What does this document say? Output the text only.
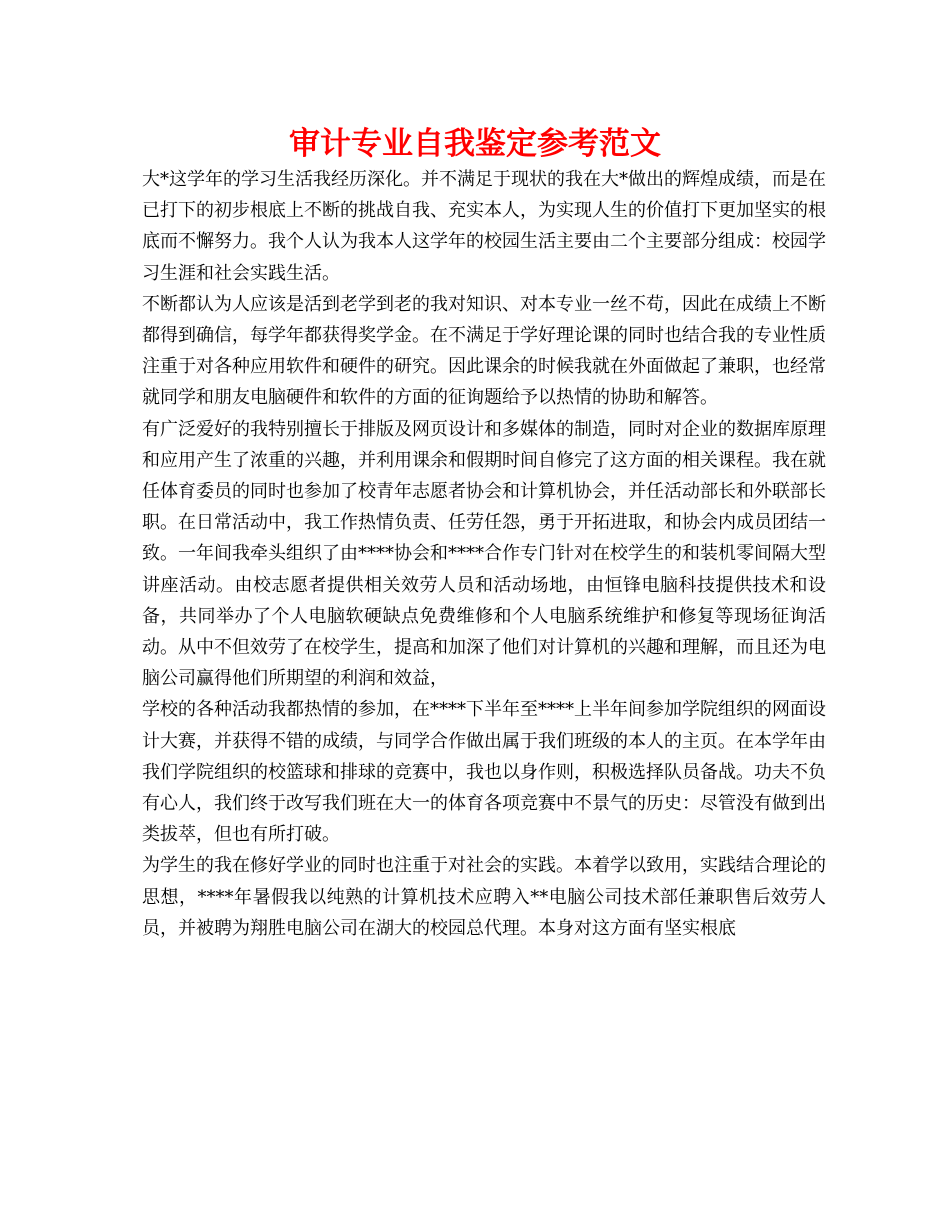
审计专业自我鉴定参考范文

大*这学年的学习生活我经历深化。并不满足于现状的我在大*做出的辉煌成绩，而是在已打下的初步根底上不断的挑战自我、充实本人，为实现人生的价值打下更加坚实的根底而不懈努力。我个人认为我本人这学年的校园生活主要由二个主要部分组成：校园学习生涯和社会实践生活。

不断都认为人应该是活到老学到老的我对知识、对本专业一丝不苟，因此在成绩上不断都得到确信，每学年都获得奖学金。在不满足于学好理论课的同时也结合我的专业性质注重于对各种应用软件和硬件的研究。因此课余的时候我就在外面做起了兼职，也经常就同学和朋友电脑硬件和软件的方面的征询题给予以热情的协助和解答。

有广泛爱好的我特别擅长于排版及网页设计和多媒体的制造，同时对企业的数据库原理和应用产生了浓重的兴趣，并利用课余和假期时间自修完了这方面的相关课程。我在就任体育委员的同时也参加了校青年志愿者协会和计算机协会，并任活动部长和外联部长职。在日常活动中，我工作热情负责、任劳任怨，勇于开拓进取，和协会内成员团结一致。一年间我牵头组织了由****协会和****合作专门针对在校学生的和装机零间隔大型讲座活动。由校志愿者提供相关效劳人员和活动场地，由恒锋电脑科技提供技术和设备，共同举办了个人电脑软硬缺点免费维修和个人电脑系统维护和修复等现场征询活动。从中不但效劳了在校学生，提高和加深了他们对计算机的兴趣和理解，而且还为电脑公司赢得他们所期望的利润和效益，

学校的各种活动我都热情的参加，在****下半年至****上半年间参加学院组织的网面设计大赛，并获得不错的成绩，与同学合作做出属于我们班级的本人的主页。在本学年由我们学院组织的校篮球和排球的竞赛中，我也以身作则，积极选择队员备战。功夫不负有心人，我们终于改写我们班在大一的体育各项竞赛中不景气的历史：尽管没有做到出类拔萃，但也有所打破。

为学生的我在修好学业的同时也注重于对社会的实践。本着学以致用，实践结合理论的思想，****年暑假我以纯熟的计算机技术应聘入**电脑公司技术部任兼职售后效劳人员，并被聘为翔胜电脑公司在湖大的校园总代理。本身对这方面有坚实根底
